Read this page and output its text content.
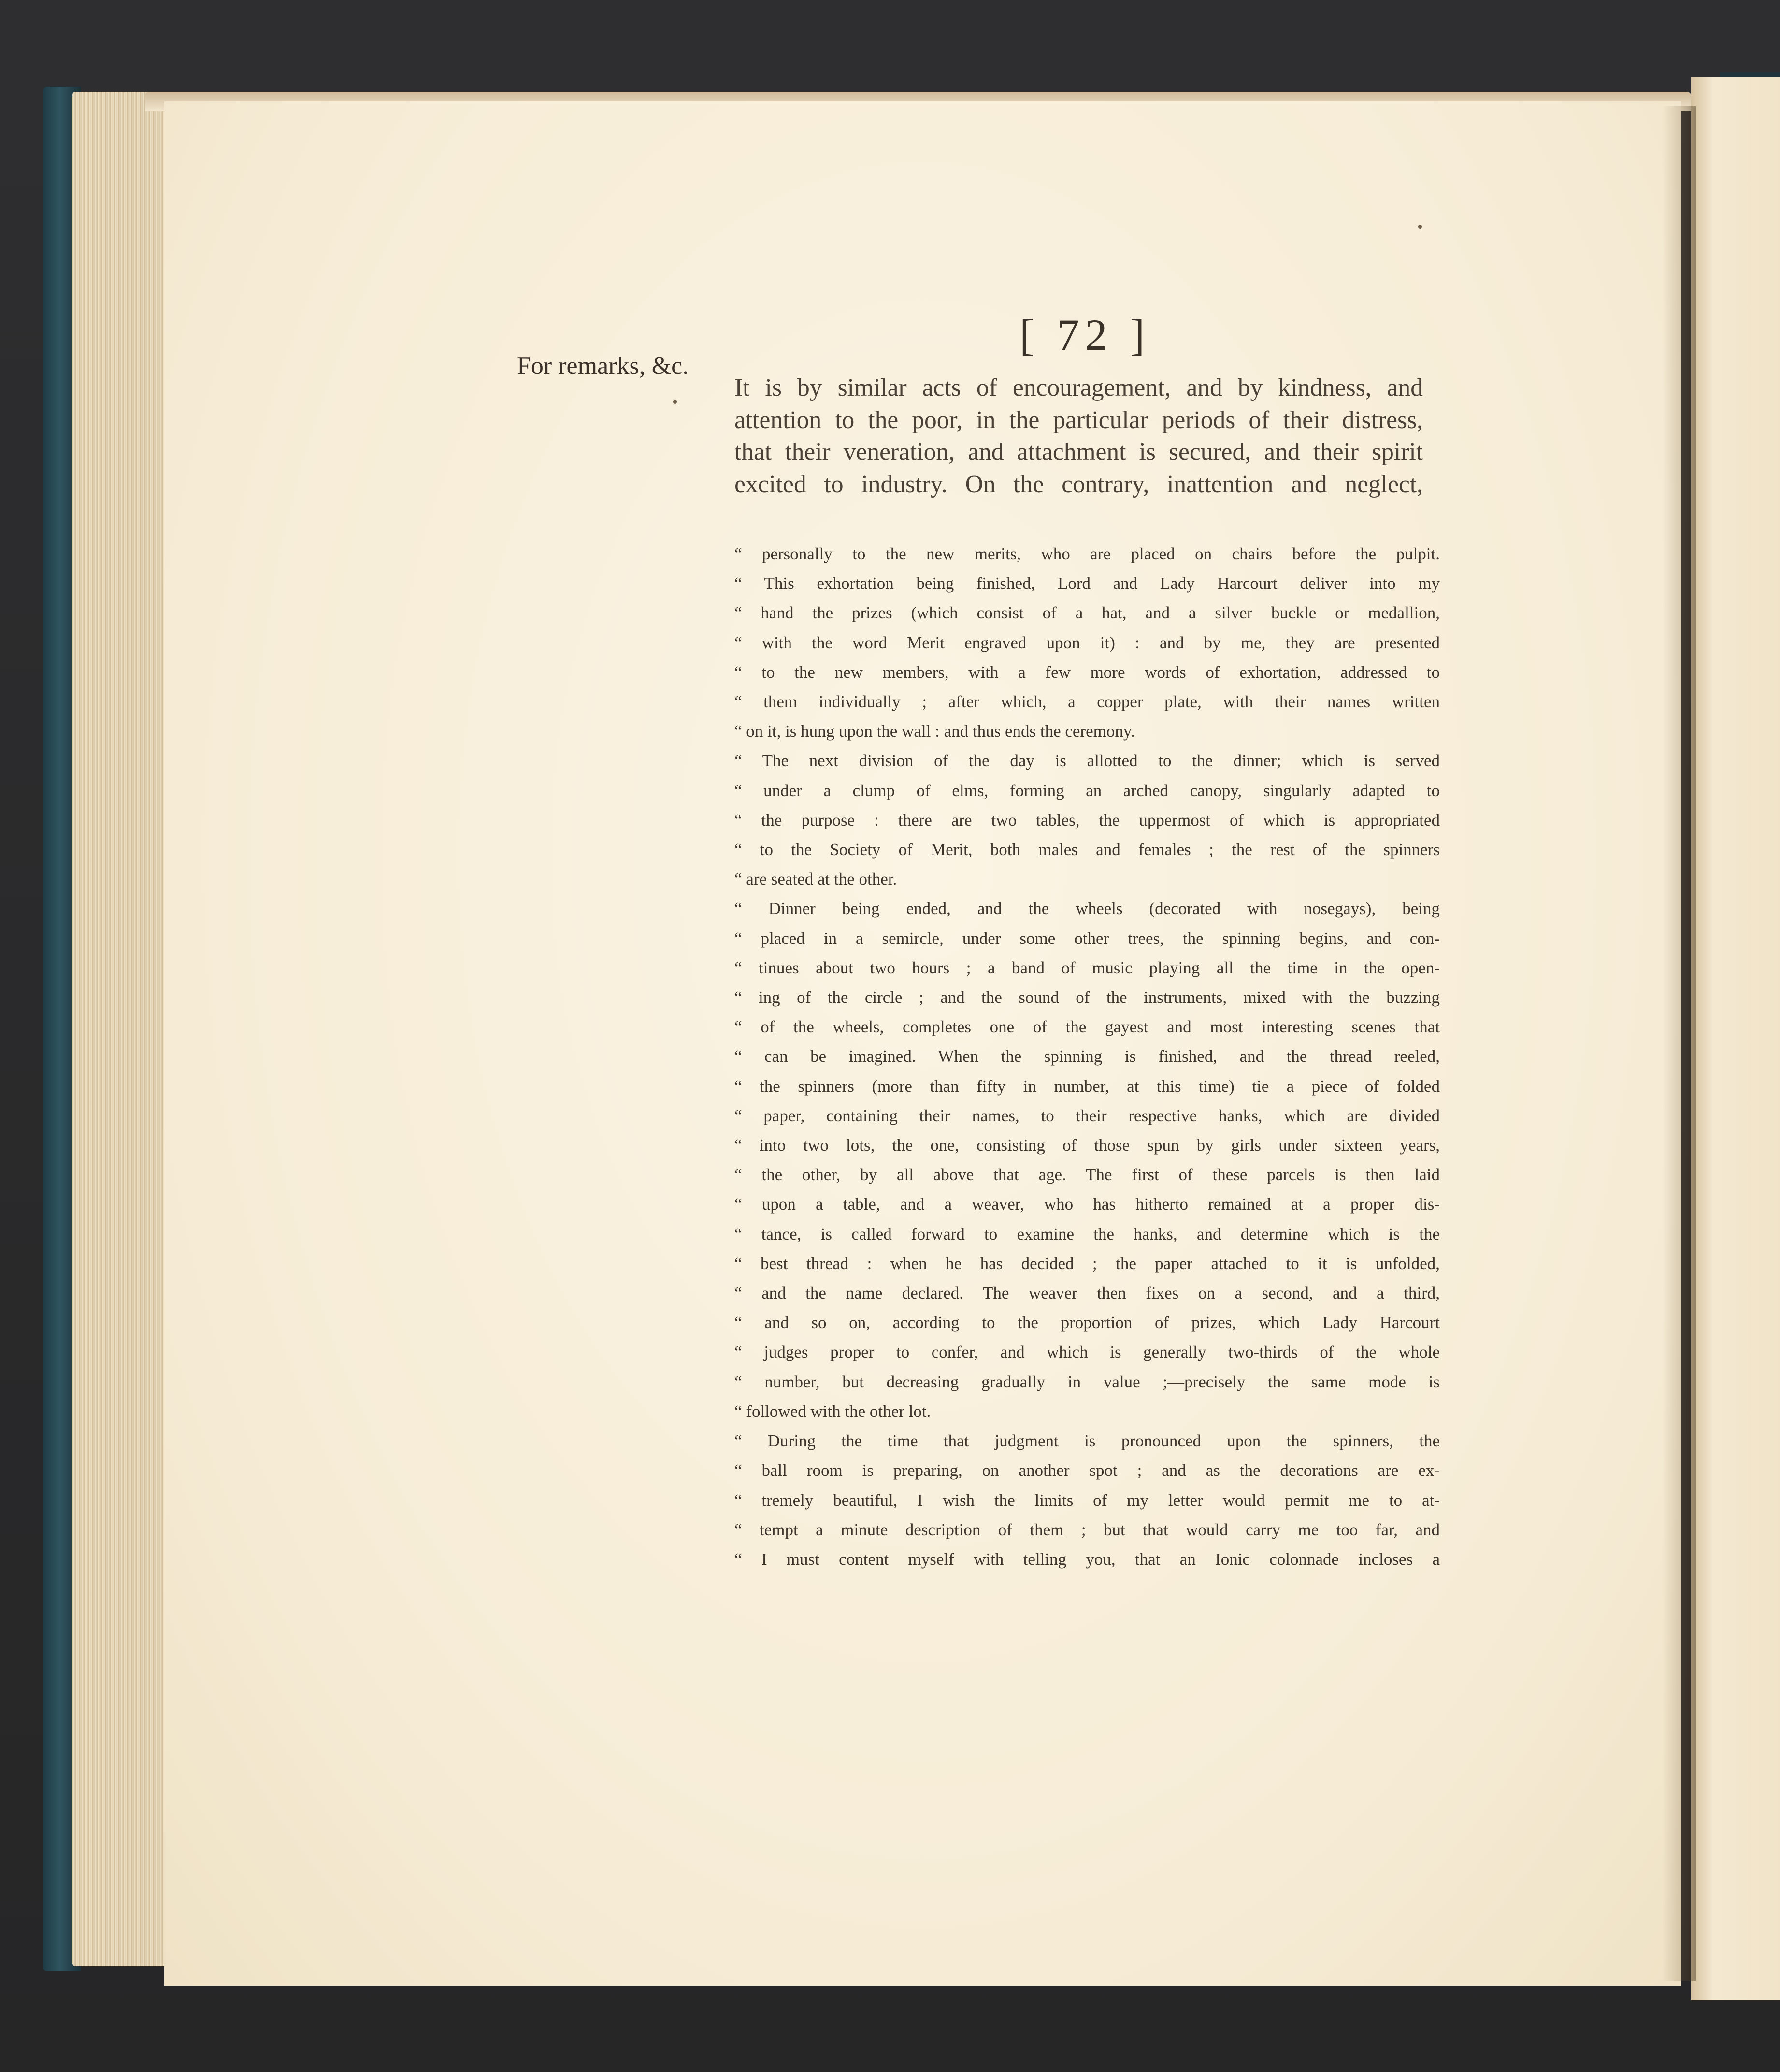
[ 72 ]
For remarks, &c.
It is by similar acts of encouragement, and by kindness, and
attention to the poor, in the particular periods of their distress,
that their veneration, and attachment is secured, and their spirit
excited to industry. On the contrary, inattention and neglect,
“ personally to the new merits, who are placed on chairs before the pulpit.
“ This exhortation being finished, Lord and Lady Harcourt deliver into my
“ hand the prizes (which consist of a hat, and a silver buckle or medallion,
“ with the word Merit engraved upon it) : and by me, they are presented
“ to the new members, with a few more words of exhortation, addressed to
“ them individually ; after which, a copper plate, with their names written
“ on it, is hung upon the wall : and thus ends the ceremony.
“ The next division of the day is allotted to the dinner; which is served
“ under a clump of elms, forming an arched canopy, singularly adapted to
“ the purpose : there are two tables, the uppermost of which is appropriated
“ to the Society of Merit, both males and females ; the rest of the spinners
“ are seated at the other.
“ Dinner being ended, and the wheels (decorated with nosegays), being
“ placed in a semircle, under some other trees, the spinning begins, and con-
“ tinues about two hours ; a band of music playing all the time in the open-
“ ing of the circle ; and the sound of the instruments, mixed with the buzzing
“ of the wheels, completes one of the gayest and most interesting scenes that
“ can be imagined. When the spinning is finished, and the thread reeled,
“ the spinners (more than fifty in number, at this time) tie a piece of folded
“ paper, containing their names, to their respective hanks, which are divided
“ into two lots, the one, consisting of those spun by girls under sixteen years,
“ the other, by all above that age. The first of these parcels is then laid
“ upon a table, and a weaver, who has hitherto remained at a proper dis-
“ tance, is called forward to examine the hanks, and determine which is the
“ best thread : when he has decided ; the paper attached to it is unfolded,
“ and the name declared. The weaver then fixes on a second, and a third,
“ and so on, according to the proportion of prizes, which Lady Harcourt
“ judges proper to confer, and which is generally two-thirds of the whole
“ number, but decreasing gradually in value ;—precisely the same mode is
“ followed with the other lot.
“ During the time that judgment is pronounced upon the spinners, the
“ ball room is preparing, on another spot ; and as the decorations are ex-
“ tremely beautiful, I wish the limits of my letter would permit me to at-
“ tempt a minute description of them ; but that would carry me too far, and
“ I must content myself with telling you, that an Ionic colonnade incloses a
